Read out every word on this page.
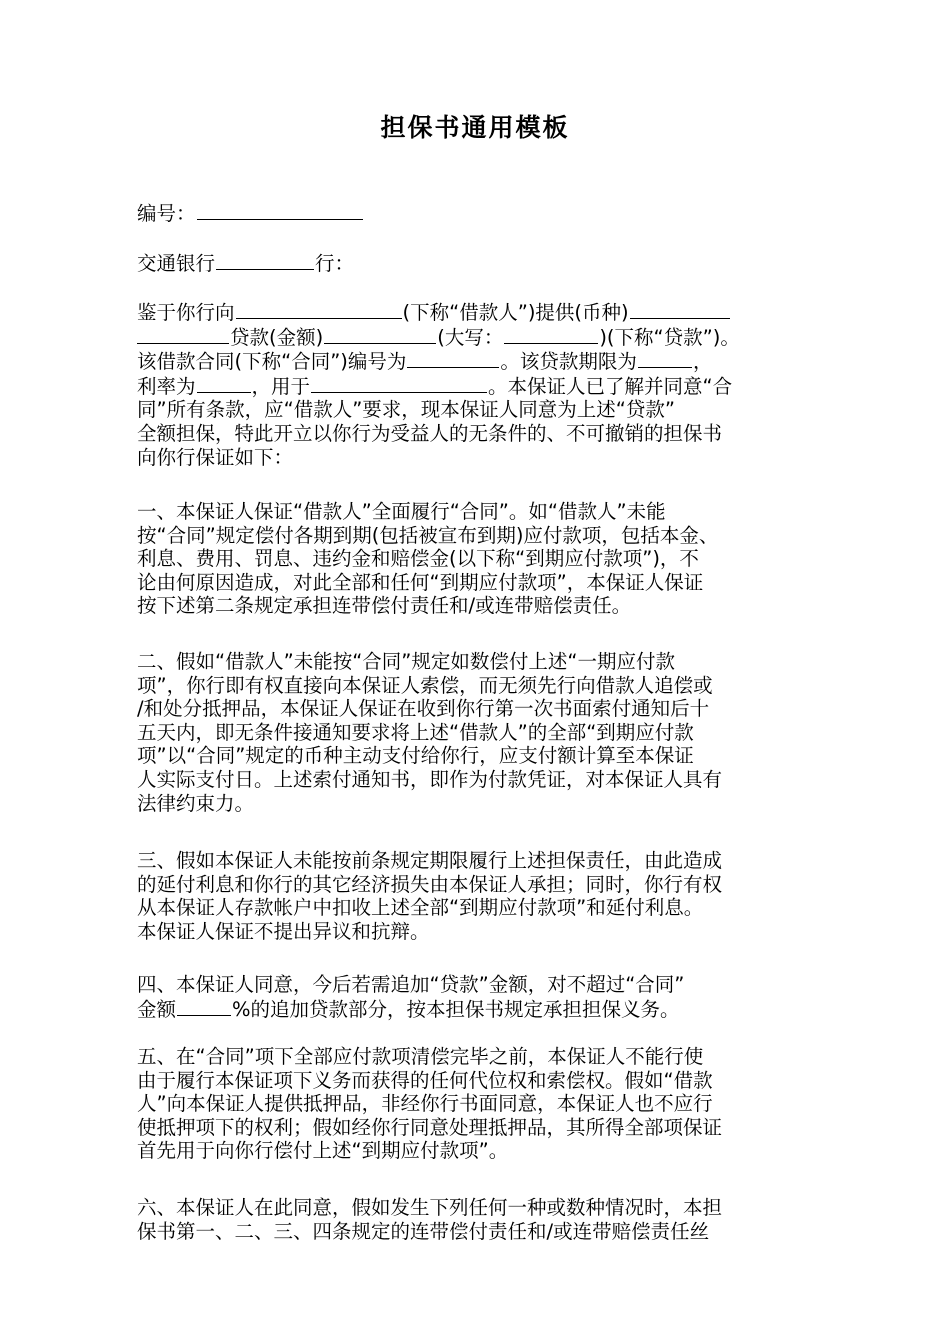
担保书通用模板
编号：
交通银行	行：
鉴于你行向	(下称“借款人”)提供(币种)
贷款(金额)	(大写：	)(下称“贷款”)。
该借款合同(下称“合同”)编号为	。该贷款期限为	，
利率为	，用于	。本保证人已了解并同意“合
同”所有条款，应“借款人”要求，现本保证人同意为上述“贷款”
全额担保，特此开立以你行为受益人的无条件的、不可撤销的担保书
向你行保证如下：
一、本保证人保证“借款人”全面履行“合同”。如“借款人”未能
按“合同”规定偿付各期到期(包括被宣布到期)应付款项，包括本金、
利息、费用、罚息、违约金和赔偿金(以下称“到期应付款项”)，不
论由何原因造成，对此全部和任何“到期应付款项”，本保证人保证
按下述第二条规定承担连带偿付责任和/或连带赔偿责任。
二、假如“借款人”未能按“合同”规定如数偿付上述“一期应付款
项”，你行即有权直接向本保证人索偿，而无须先行向借款人追偿或
/和处分抵押品，本保证人保证在收到你行第一次书面索付通知后十
五天内，即无条件接通知要求将上述“借款人”的全部“到期应付款
项”以“合同”规定的币种主动支付给你行，应支付额计算至本保证
人实际支付日。上述索付通知书，即作为付款凭证，对本保证人具有
法律约束力。
三、假如本保证人未能按前条规定期限履行上述担保责任，由此造成
的延付利息和你行的其它经济损失由本保证人承担；同时，你行有权
从本保证人存款帐户中扣收上述全部“到期应付款项”和延付利息。
本保证人保证不提出异议和抗辩。
四、本保证人同意，今后若需追加“贷款”金额，对不超过“合同”
金额	%的追加贷款部分，按本担保书规定承担担保义务。
五、在“合同”项下全部应付款项清偿完毕之前，本保证人不能行使
由于履行本保证项下义务而获得的任何代位权和索偿权。假如“借款
人”向本保证人提供抵押品，非经你行书面同意，本保证人也不应行
使抵押项下的权利；假如经你行同意处理抵押品，其所得全部项保证
首先用于向你行偿付上述“到期应付款项”。
六、本保证人在此同意，假如发生下列任何一种或数种情况时，本担
保书第一、二、三、四条规定的连带偿付责任和/或连带赔偿责任丝
